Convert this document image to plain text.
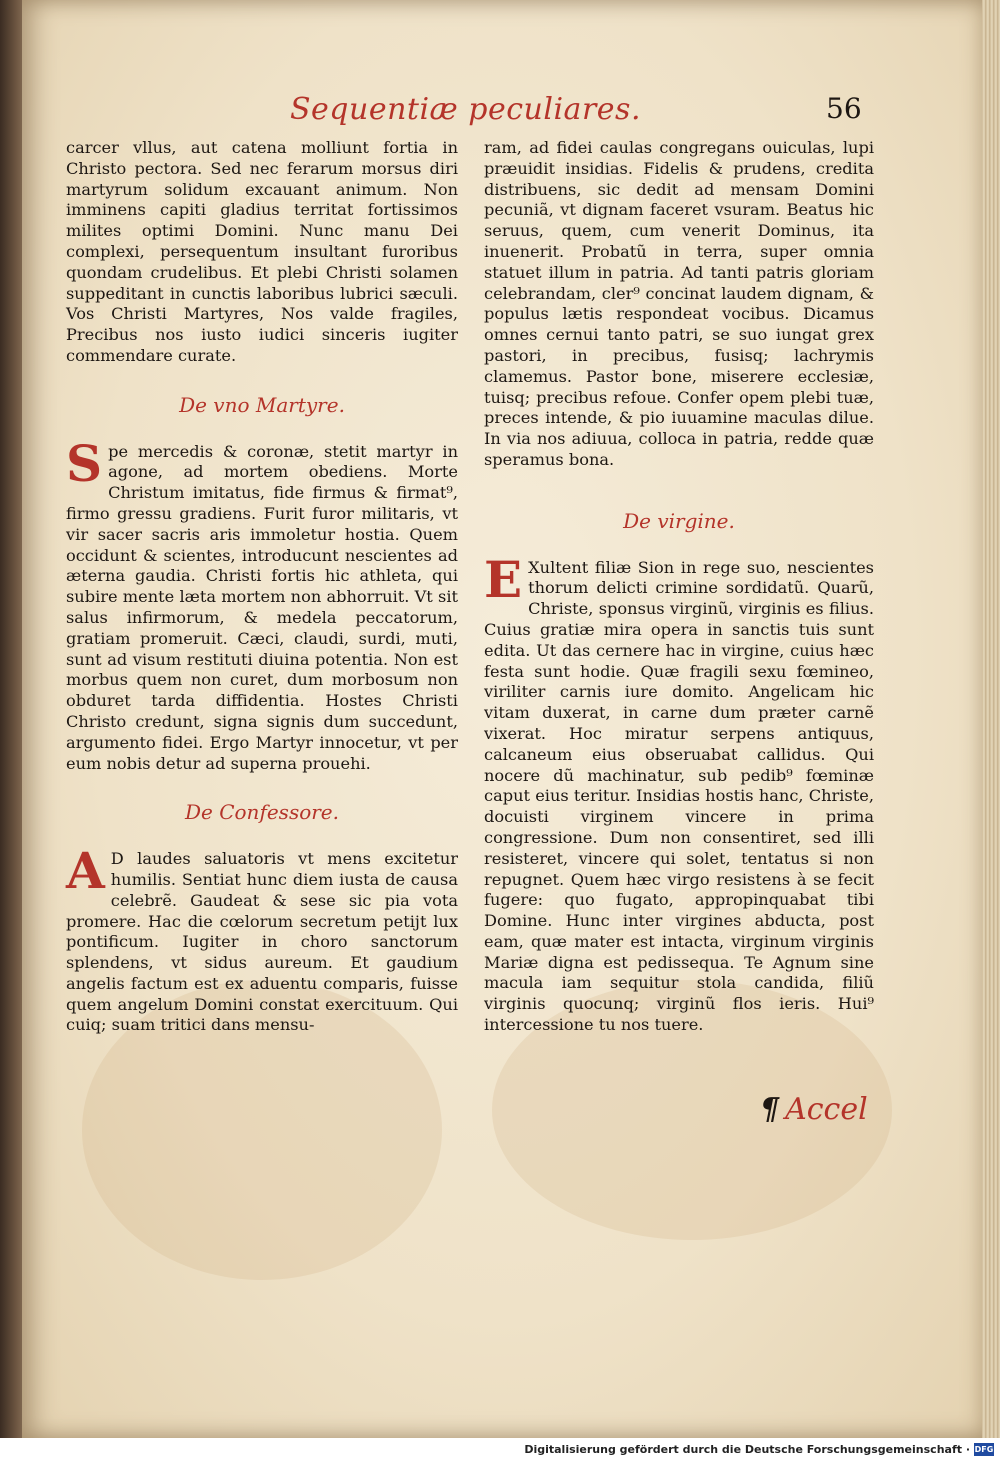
Sequentiæ peculiares.	56

carcer vllus, aut catena molliunt fortia in Christo pectora. Sed nec ferarum morsus diri martyrum solidum excauant animum. Non imminens capiti gladius territat fortissimos milites optimi Domini. Nunc manu Dei complexi, persequentum insultant furoribus quondam crudelibus. Et plebi Christi solamen suppeditant in cunctis laboribus lubrici sæculi. Vos Christi Martyres, Nos valde fragiles, Precibus nos iusto iudici sinceris iugiter commendare curate.

De vno Martyre.

Spe mercedis & coronæ, stetit martyr in agone, ad mortem obediens. Morte Christum imitatus, fide firmus & firmat⁹, firmo gressu gradiens. Furit furor militaris, vt vir sacer sacris aris immoletur hostia. Quem occidunt & scientes, introducunt nescientes ad æterna gaudia. Christi fortis hic athleta, qui subire mente læta mortem non abhorruit. Vt sit salus infirmorum, & medela peccatorum, gratiam promeruit. Cæci, claudi, surdi, muti, sunt ad visum restituti diuina potentia. Non est morbus quem non curet, dum morbosum non obduret tarda diffidentia. Hostes Christi Christo credunt, signa signis dum succedunt, argumento fidei. Ergo Martyr innocetur, vt per eum nobis detur ad superna prouehi.

De Confessore.

A D laudes saluatoris vt mens excitetur humilis. Sentiat hunc diem iusta de causa celebrẽ. Gaudeat & sese sic pia vota promere. Hac die cœlorum secretum petijt lux pontificum. Iugiter in choro sanctorum splendens, vt sidus aureum. Et gaudium angelis factum est ex aduentu comparis, fuisse quem angelum Domini constat exercituum. Qui cuiq; suam tritici dans mensu-

ram, ad fidei caulas congregans ouiculas, lupi præuidit insidias. Fidelis & prudens, credita distribuens, sic dedit ad mensam Domini pecuniã, vt dignam faceret vsuram. Beatus hic seruus, quem, cum venerit Dominus, ita inuenerit. Probatũ in terra, super omnia statuet illum in patria. Ad tanti patris gloriam celebrandam, cler⁹ concinat laudem dignam, & populus lætis respondeat vocibus. Dicamus omnes cernui tanto patri, se suo iungat grex pastori, in precibus, fusisq; lachrymis clamemus. Pastor bone, miserere ecclesiæ, tuisq; precibus refoue. Confer opem plebi tuæ, preces intende, & pio iuuamine maculas dilue. In via nos adiuua, colloca in patria, redde quæ speramus bona.

De virgine.

E Xultent filiæ Sion in rege suo, nescientes thorum delicti crimine sordidatũ. Quarũ, Christe, sponsus virginũ, virginis es filius. Cuius gratiæ mira opera in sanctis tuis sunt edita. Ut das cernere hac in virgine, cuius hæc festa sunt hodie. Quæ fragili sexu fœmineo, viriliter carnis iure domito. Angelicam hic vitam duxerat, in carne dum præter carnẽ vixerat. Hoc miratur serpens antiquus, calcaneum eius obseruabat callidus. Qui nocere dũ machinatur, sub pedib⁹ fœminæ caput eius teritur. Insidias hostis hanc, Christe, docuisti virginem vincere in prima congressione. Dum non consentiret, sed illi resisteret, vincere qui solet, tentatus si non repugnet. Quem hæc virgo resistens à se fecit fugere: quo fugato, appropinquabat tibi Domine. Hunc inter virgines abducta, post eam, quæ mater est intacta, virginum virginis Mariæ digna est pedissequa. Te Agnum sine macula iam sequitur stola candida, filiũ virginis quocunq; virginũ flos ieris. Hui⁹ intercessione tu nos tuere.

¶ Accel
Digitalisierung gefördert durch die Deutsche Forschungsgemeinschaft · DFG
